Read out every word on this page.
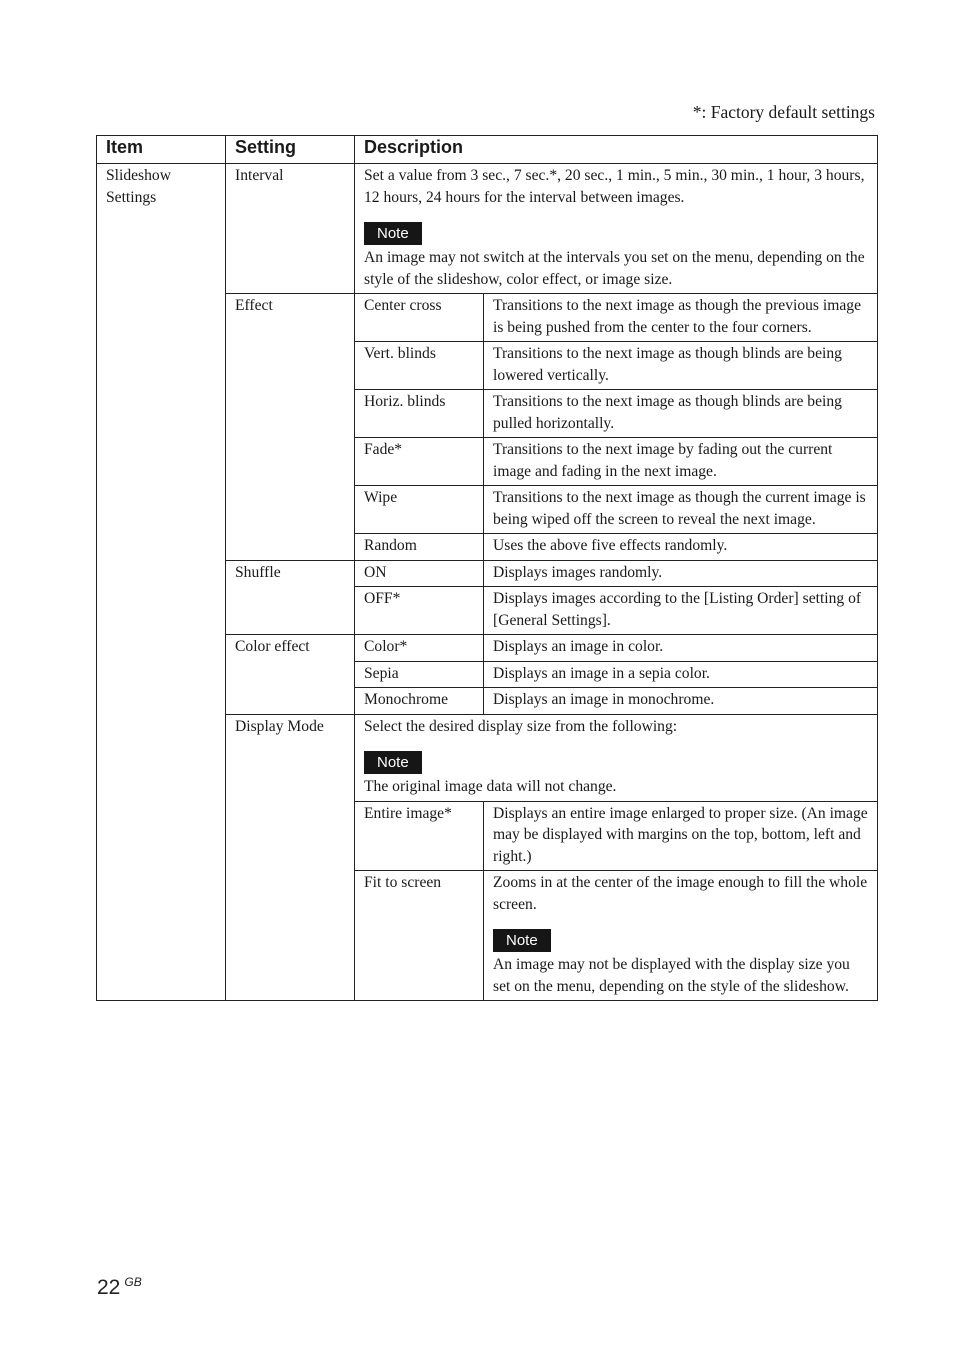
*: Factory default settings
Item	Setting	Description	
Slideshow Settings	Interval	Set a value from 3 sec., 7 sec.*, 20 sec., 1 min., 5 min., 30 min., 1 hour, 3 hours, 12 hours, 24 hours for the interval between images.
Note
An image may not switch at the intervals you set on the menu, depending on the style of the slideshow, color effect, or image size.	

	Effect	Center cross	Transitions to the next image as though the previous image is being pushed from the center to the four corners.
		Vert. blinds	Transitions to the next image as though blinds are being lowered vertically.
		Horiz. blinds	Transitions to the next image as though blinds are being pulled horizontally.
		Fade*	Transitions to the next image by fading out the current image and fading in the next image.
		Wipe	Transitions to the next image as though the current image is being wiped off the screen to reveal the next image.
		Random	Uses the above five effects randomly.
	Shuffle	ON	Displays images randomly.
		OFF*	Displays images according to the [Listing Order] setting of [General Settings].
	Color effect	Color*	Displays an image in color.
		Sepia	Displays an image in a sepia color.
		Monochrome	Displays an image in monochrome.
	Display Mode	Select the desired display size from the following:
Note
The original image data will not change.	

		Entire image*	Displays an entire image enlarged to proper size. (An image may be displayed with margins on the top, bottom, left and right.)
		Fit to screen	Zooms in at the center of the image enough to fill the whole screen.
Note
An image may not be displayed with the display size you set on the menu, depending on the style of the slideshow.
22 $^{GB}$
